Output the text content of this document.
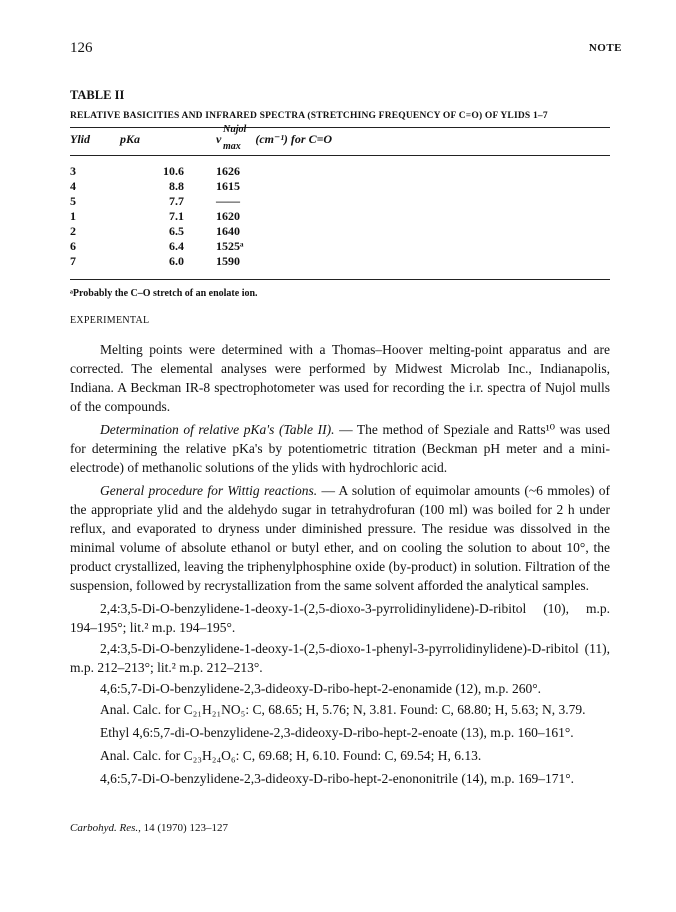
126	NOTE
TABLE II
RELATIVE BASICITIES AND INFRARED SPECTRA (STRETCHING FREQUENCY OF C=O) OF YLIDS 1–7
Ylid	pKa	ν
Nujol
max
(cm⁻¹) for C=O

3	10.6	1626
4	8.8	1615
5	7.7	——
1	7.1	1620
2	6.5	1640
6	6.4	1525ᵃ
7	6.0	1590
ᵃProbably the C–O stretch of an enolate ion.
EXPERIMENTAL

Melting points were determined with a Thomas–Hoover melting-point apparatus and are corrected. The elemental analyses were performed by Midwest Microlab Inc., Indianapolis, Indiana. A Beckman IR-8 spectrophotometer was used for recording the i.r. spectra of Nujol mulls of the compounds.

Determination of relative pKa's (Table II). — The method of Speziale and Ratts¹⁰ was used for determining the relative pKa's by potentiometric titration (Beckman pH meter and a mini-electrode) of methanolic solutions of the ylids with hydrochloric acid.

General procedure for Wittig reactions. — A solution of equimolar amounts (~6 mmoles) of the appropriate ylid and the aldehydo sugar in tetrahydrofuran (100 ml) was boiled for 2 h under reflux, and evaporated to dryness under diminished pressure. The residue was dissolved in the minimal volume of absolute ethanol or butyl ether, and on cooling the solution to about 10°, the product crystallized, leaving the triphenylphosphine oxide (by-product) in solution. Filtration of the suspension, followed by recrystallization from the same solvent afforded the analytical samples.

2,4:3,5-Di-O-benzylidene-1-deoxy-1-(2,5-dioxo-3-pyrrolidinylidene)-D-ribitol (10), m.p. 194–195°; lit.² m.p. 194–195°.

2,4:3,5-Di-O-benzylidene-1-deoxy-1-(2,5-dioxo-1-phenyl-3-pyrrolidinylidene)-D-ribitol (11), m.p. 212–213°; lit.² m.p. 212–213°.

4,6:5,7-Di-O-benzylidene-2,3-dideoxy-D-ribo-hept-2-enonamide (12), m.p. 260°.

Anal. Calc. for C₂₁H₂₁NO₅: C, 68.65; H, 5.76; N, 3.81. Found: C, 68.80; H, 5.63; N, 3.79.

Ethyl 4,6:5,7-di-O-benzylidene-2,3-dideoxy-D-ribo-hept-2-enoate (13), m.p. 160–161°.

Anal. Calc. for C₂₃H₂₄O₆: C, 69.68; H, 6.10. Found: C, 69.54; H, 6.13.

4,6:5,7-Di-O-benzylidene-2,3-dideoxy-D-ribo-hept-2-enononitrile (14), m.p. 169–171°.

Carbohyd. Res., 14 (1970) 123–127
